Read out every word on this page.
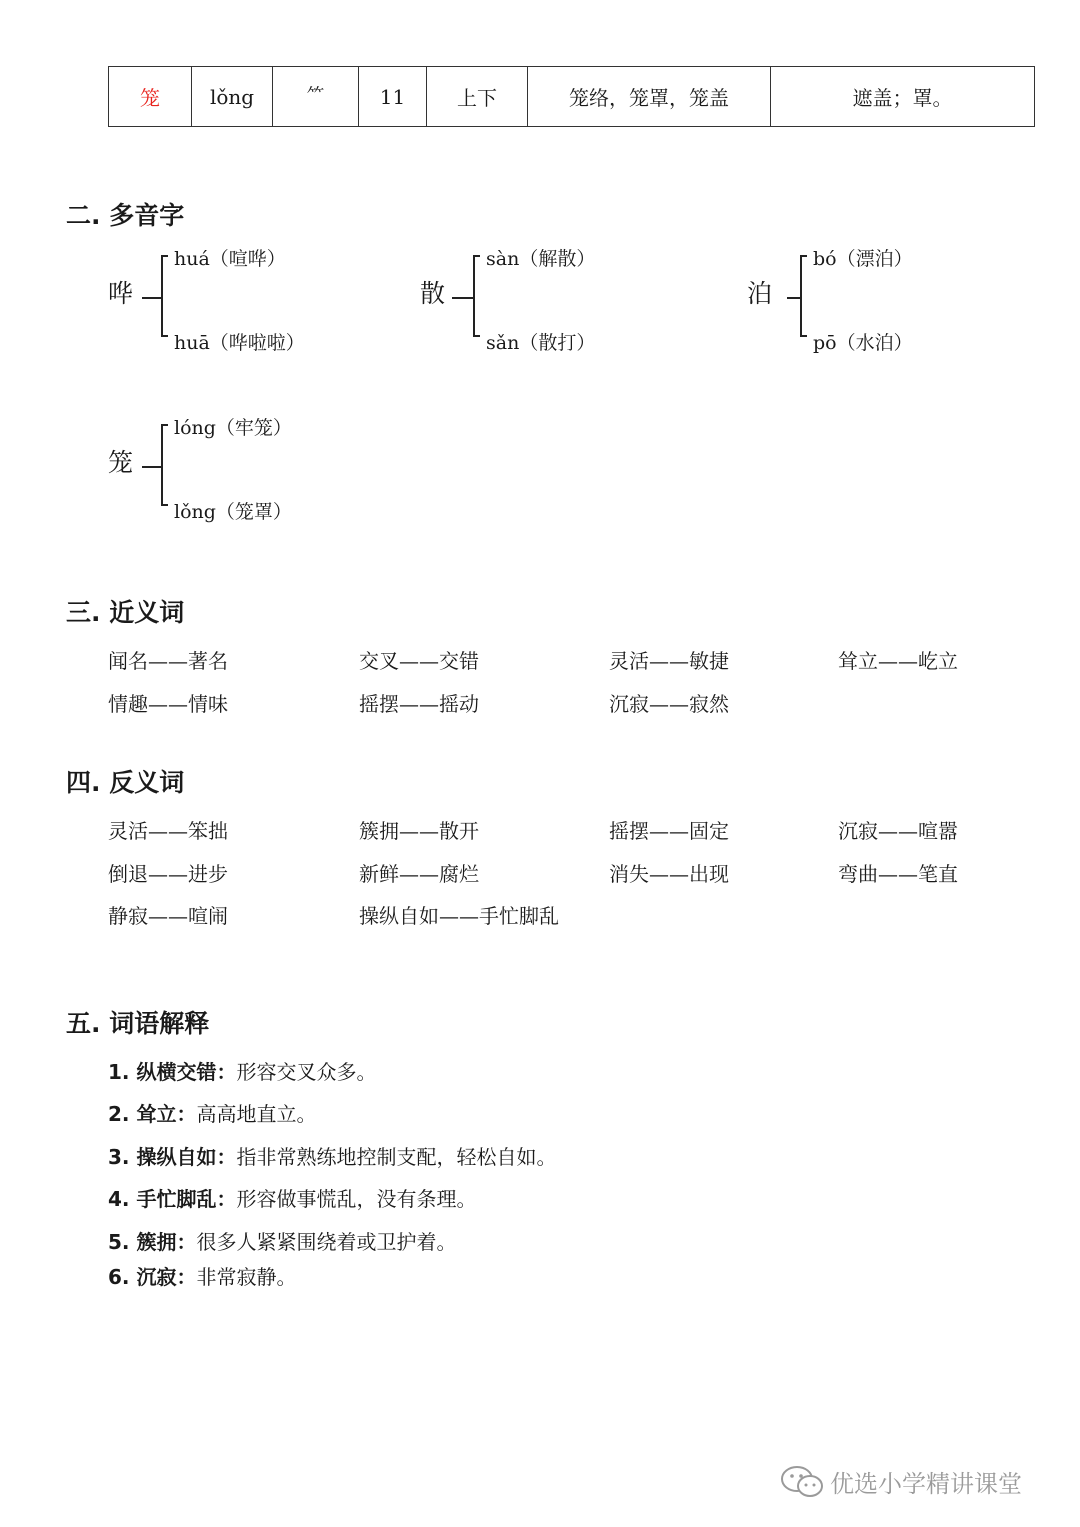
笼	lǒng	⺮	11	上下	笼络，笼罩，笼盖	遮盖；罩。
二. 多音字
哗
huá（喧哗）
huā（哗啦啦）
散
sàn（解散）
sǎn（散打）
泊
bó（漂泊）
pō（水泊）
笼
lóng（牢笼）
lǒng（笼罩）
三. 近义词
闻名——著名	交叉——交错	灵活——敏捷	耸立——屹立
情趣——情味	摇摆——摇动	沉寂——寂然
四. 反义词
灵活——笨拙	簇拥——散开	摇摆——固定	沉寂——喧嚣
倒退——进步	新鲜——腐烂	消失——出现	弯曲——笔直
静寂——喧闹	操纵自如——手忙脚乱
五. 词语解释
1. 纵横交错：形容交叉众多。
2. 耸立：高高地直立。
3. 操纵自如：指非常熟练地控制支配，轻松自如。
4. 手忙脚乱：形容做事慌乱，没有条理。
5. 簇拥：很多人紧紧围绕着或卫护着。
6. 沉寂：非常寂静。
优选小学精讲课堂
